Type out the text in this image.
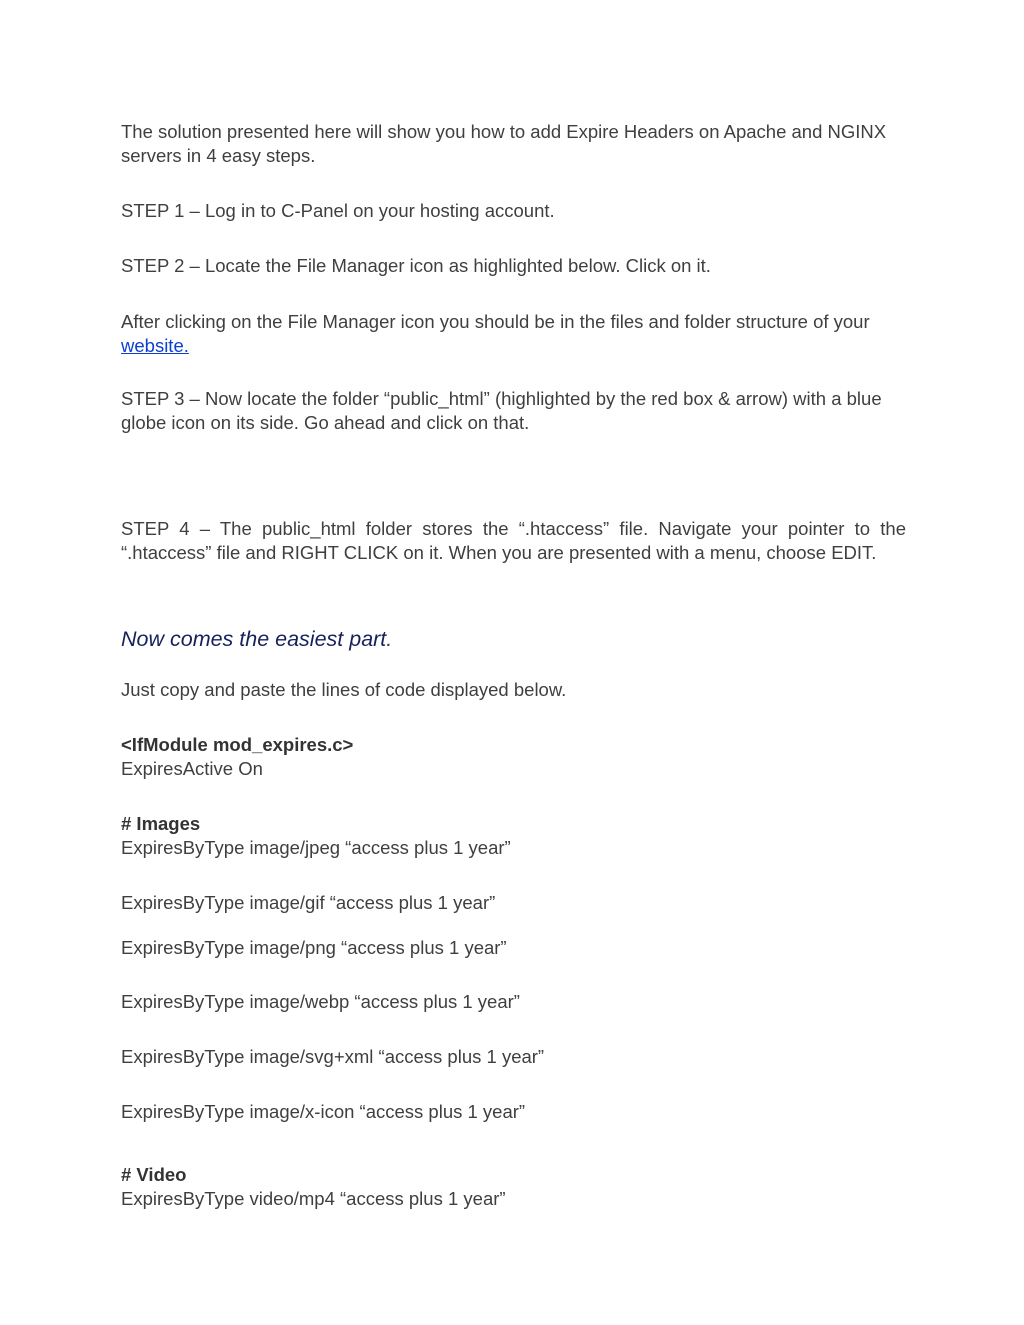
The solution presented here will show you how to add Expire Headers on Apache and NGINX servers in 4 easy steps.

STEP 1 – Log in to C-Panel on your hosting account.

STEP 2 – Locate the File Manager icon as highlighted below. Click on it.

After clicking on the File Manager icon you should be in the files and folder structure of your website.

STEP 3 – Now locate the folder “public_html” (highlighted by the red box & arrow) with a blue globe icon on its side. Go ahead and click on that.

STEP 4 – The public_html folder stores the “.htaccess” file. Navigate your pointer to the “.htaccess” file and RIGHT CLICK on it. When you are presented with a menu, choose EDIT.

Now comes the easiest part.

Just copy and paste the lines of code displayed below.

<IfModule mod_expires.c>
ExpiresActive On
# Images
ExpiresByType image/jpeg “access plus 1 year”

ExpiresByType image/gif “access plus 1 year”

ExpiresByType image/png “access plus 1 year”

ExpiresByType image/webp “access plus 1 year”

ExpiresByType image/svg+xml “access plus 1 year”

ExpiresByType image/x-icon “access plus 1 year”

# Video
ExpiresByType video/mp4 “access plus 1 year”
